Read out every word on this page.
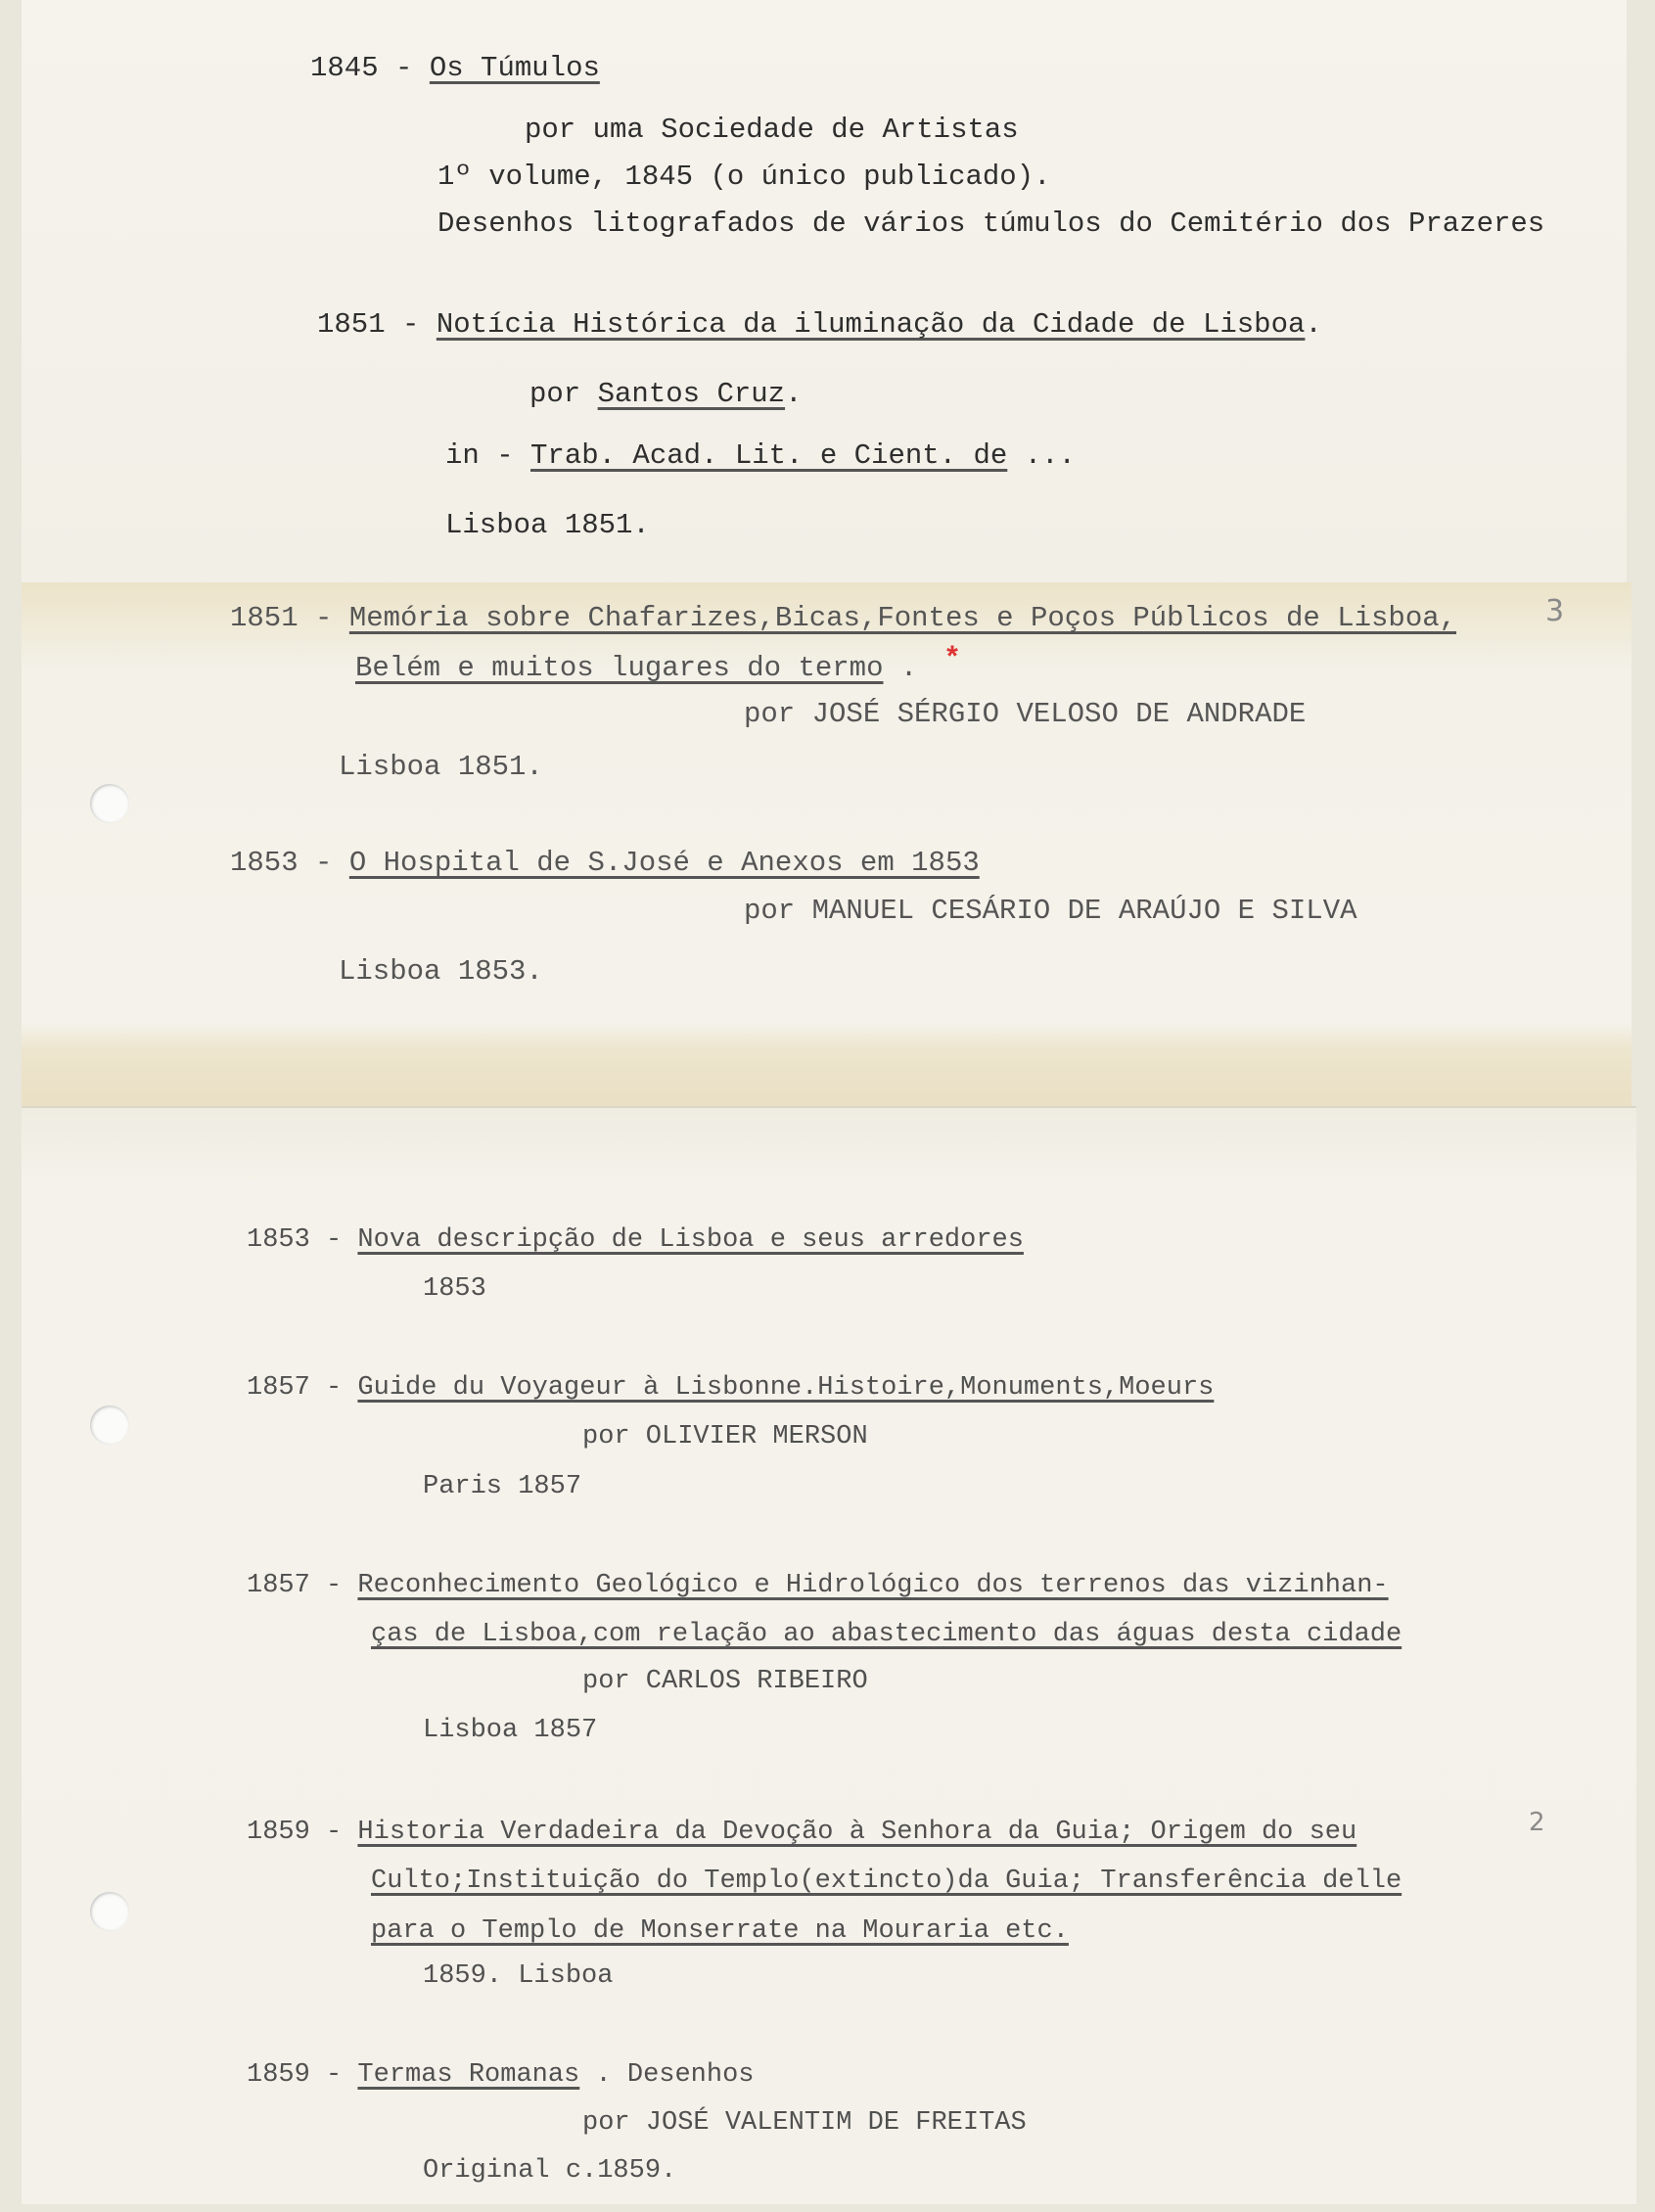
1845 - Os Túmulos
por uma Sociedade de Artistas
1º volume, 1845 (o único publicado).
Desenhos litografados de vários túmulos do Cemitério dos Prazeres
1851 - Notícia Histórica da iluminação da Cidade de Lisboa.
por Santos Cruz.
in - Trab. Acad. Lit. e Cient. de ...
Lisboa 1851.
1851 - Memória sobre Chafarizes,Bicas,Fontes e Poços Públicos de Lisboa,
Belém e muitos lugares do termo . *
3
por JOSÉ SÉRGIO VELOSO DE ANDRADE
Lisboa 1851.
1853 - O Hospital de S.José e Anexos em 1853
por MANUEL CESÁRIO DE ARAÚJO E SILVA
Lisboa 1853.
1853 - Nova descripção de Lisboa e seus arredores
1853
1857 - Guide du Voyageur à Lisbonne.Histoire,Monuments,Moeurs
por OLIVIER MERSON
Paris 1857
1857 - Reconhecimento Geológico e Hidrológico dos terrenos das vizinhan-
ças de Lisboa,com relação ao abastecimento das águas desta cidade
por CARLOS RIBEIRO
Lisboa 1857
1859 - Historia Verdadeira da Devoção à Senhora da Guia; Origem do seu	2
Culto;Instituição do Templo(extincto)da Guia; Transferência delle
para o Templo de Monserrate na Mouraria etc.
1859. Lisboa
1859 - Termas Romanas . Desenhos
por JOSÉ VALENTIM DE FREITAS
Original c.1859.
